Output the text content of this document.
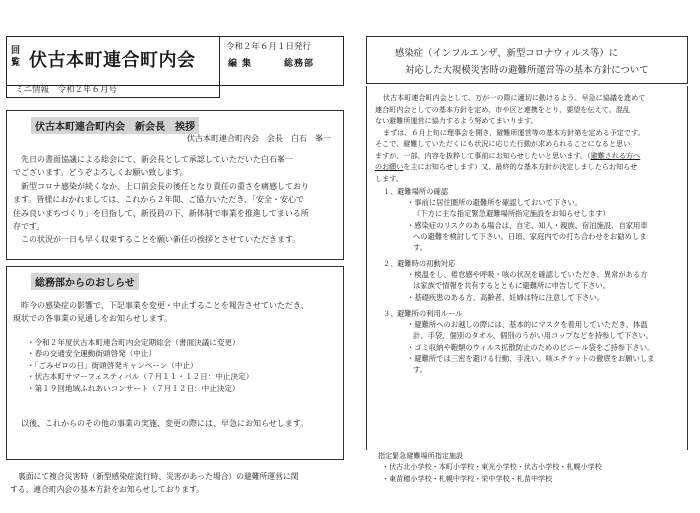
回覧 伏古本町連合町内会
令和２年６月１日発行
編集	総務部
ミニ情報　令和２年６月号
伏古本町連合町内会　新会長　挨拶
伏古本町連合町内会　会長　白石　峯一
先日の書面協議による総会にて、新会長として承認していただいた白石峯一
でございます。どうぞよろしくお願い致します。
新型コロナ感染が続くなか、上口前会長の後任となり責任の重さを痛感しており
ます。皆様におかれましては、これから２年間、ご協力いただき、「安全・安心で
住み良いまちづくり」を目指して、新役員の下、新体制で事業を推進してまいる所
存です。
この状況が一日も早く収束することを願い新任の挨拶とさせていただきます。
総務部からのおしらせ
昨今の感染症の影響で、下記事業を変更・中止することを報告させていただき、
現状での各事業の見通しをお知らせします。
・ 令和２年度伏古本町連合町内会定期総会（書面決議に変更）
・ 春の交通安全運動街頭啓発（中止）
・ 「ごみゼロの日」街頭啓発キャンペーン（中止）
・ 伏古本町サマーフェスティバル（７月１１・１２日：中止決定）
・ 第１９回地域ふれあいコンサート（７月１２日：中止決定）
以後、これからのその他の事業の実施、変更の際には、早急にお知らせします。
裏面にて複合災害時（新型感染症流行時、災害があった場合）の避難所運営に関
する、連合町内会の基本方針をお知らせしております。
感染症（インフルエンザ、新型コロナウィルス等）に
対応した大規模災害時の避難所運営等の基本方針について
伏古本町連合町内会として、万が一の際に適切に動けるよう、早急に協議を進めて
連合町内会としての基本方針を定め、市や区と連携をとり、要望を伝えて、混乱
ない避難所運営に協力するよう努めてまいります。
まずは、６月上旬に理事会を開き、避難所運営等の基本方針第を定める予定です。
そこで、避難していただくにも状況に応じた行動が求められることになると思い
ますが、一部、内容を抜粋して事前にお知らせしたいと思います。（避難される方へ
のお願いを主にお知らせします）又、最終的な基本方針が決定しましたらお知らせ
します。
１、避難場所の確認
・事前に居住圏所の避難所を確認しておいて下さい。
（下方に主な指定緊急避難場所指定施設をお知らせします）
・感染症のリスクのある場合は、自宅、知人・親族、宿泊施設、自家用車
への避難を検討して下さい。日頃、家庭内での打ち合わせをお勧めしま
す。
２、避難時の初動対応
・検温をし、倦怠感や呼吸・咳の状況を確認していただき、異常がある方
は家族で情報を共有するとともに避難所に申告して下さい。
・基礎疾患のある方、高齢者、妊婦は特に注意して下さい。
３、避難所の利用ルール
・避難所へのお越しの際には、基本的にマスクを着用していただき、体温
計、手袋、個別のタオル、個別のうがい用コップなどを持参して下さい。
・ゴミ収納や鞄類のウィルス拡散防止のためのビニール袋をご持参下さい。
・避難所では三密を避ける行動、手洗い、咳エチケットの徹底をお願いしま
す。
指定緊急避難場所指定施設
・伏古北小学校・本町小学校・東光小学校・伏古小学校・札幌小学校
・東苗穂小学校・札幌中学校・栄中学校・札苗中学校
